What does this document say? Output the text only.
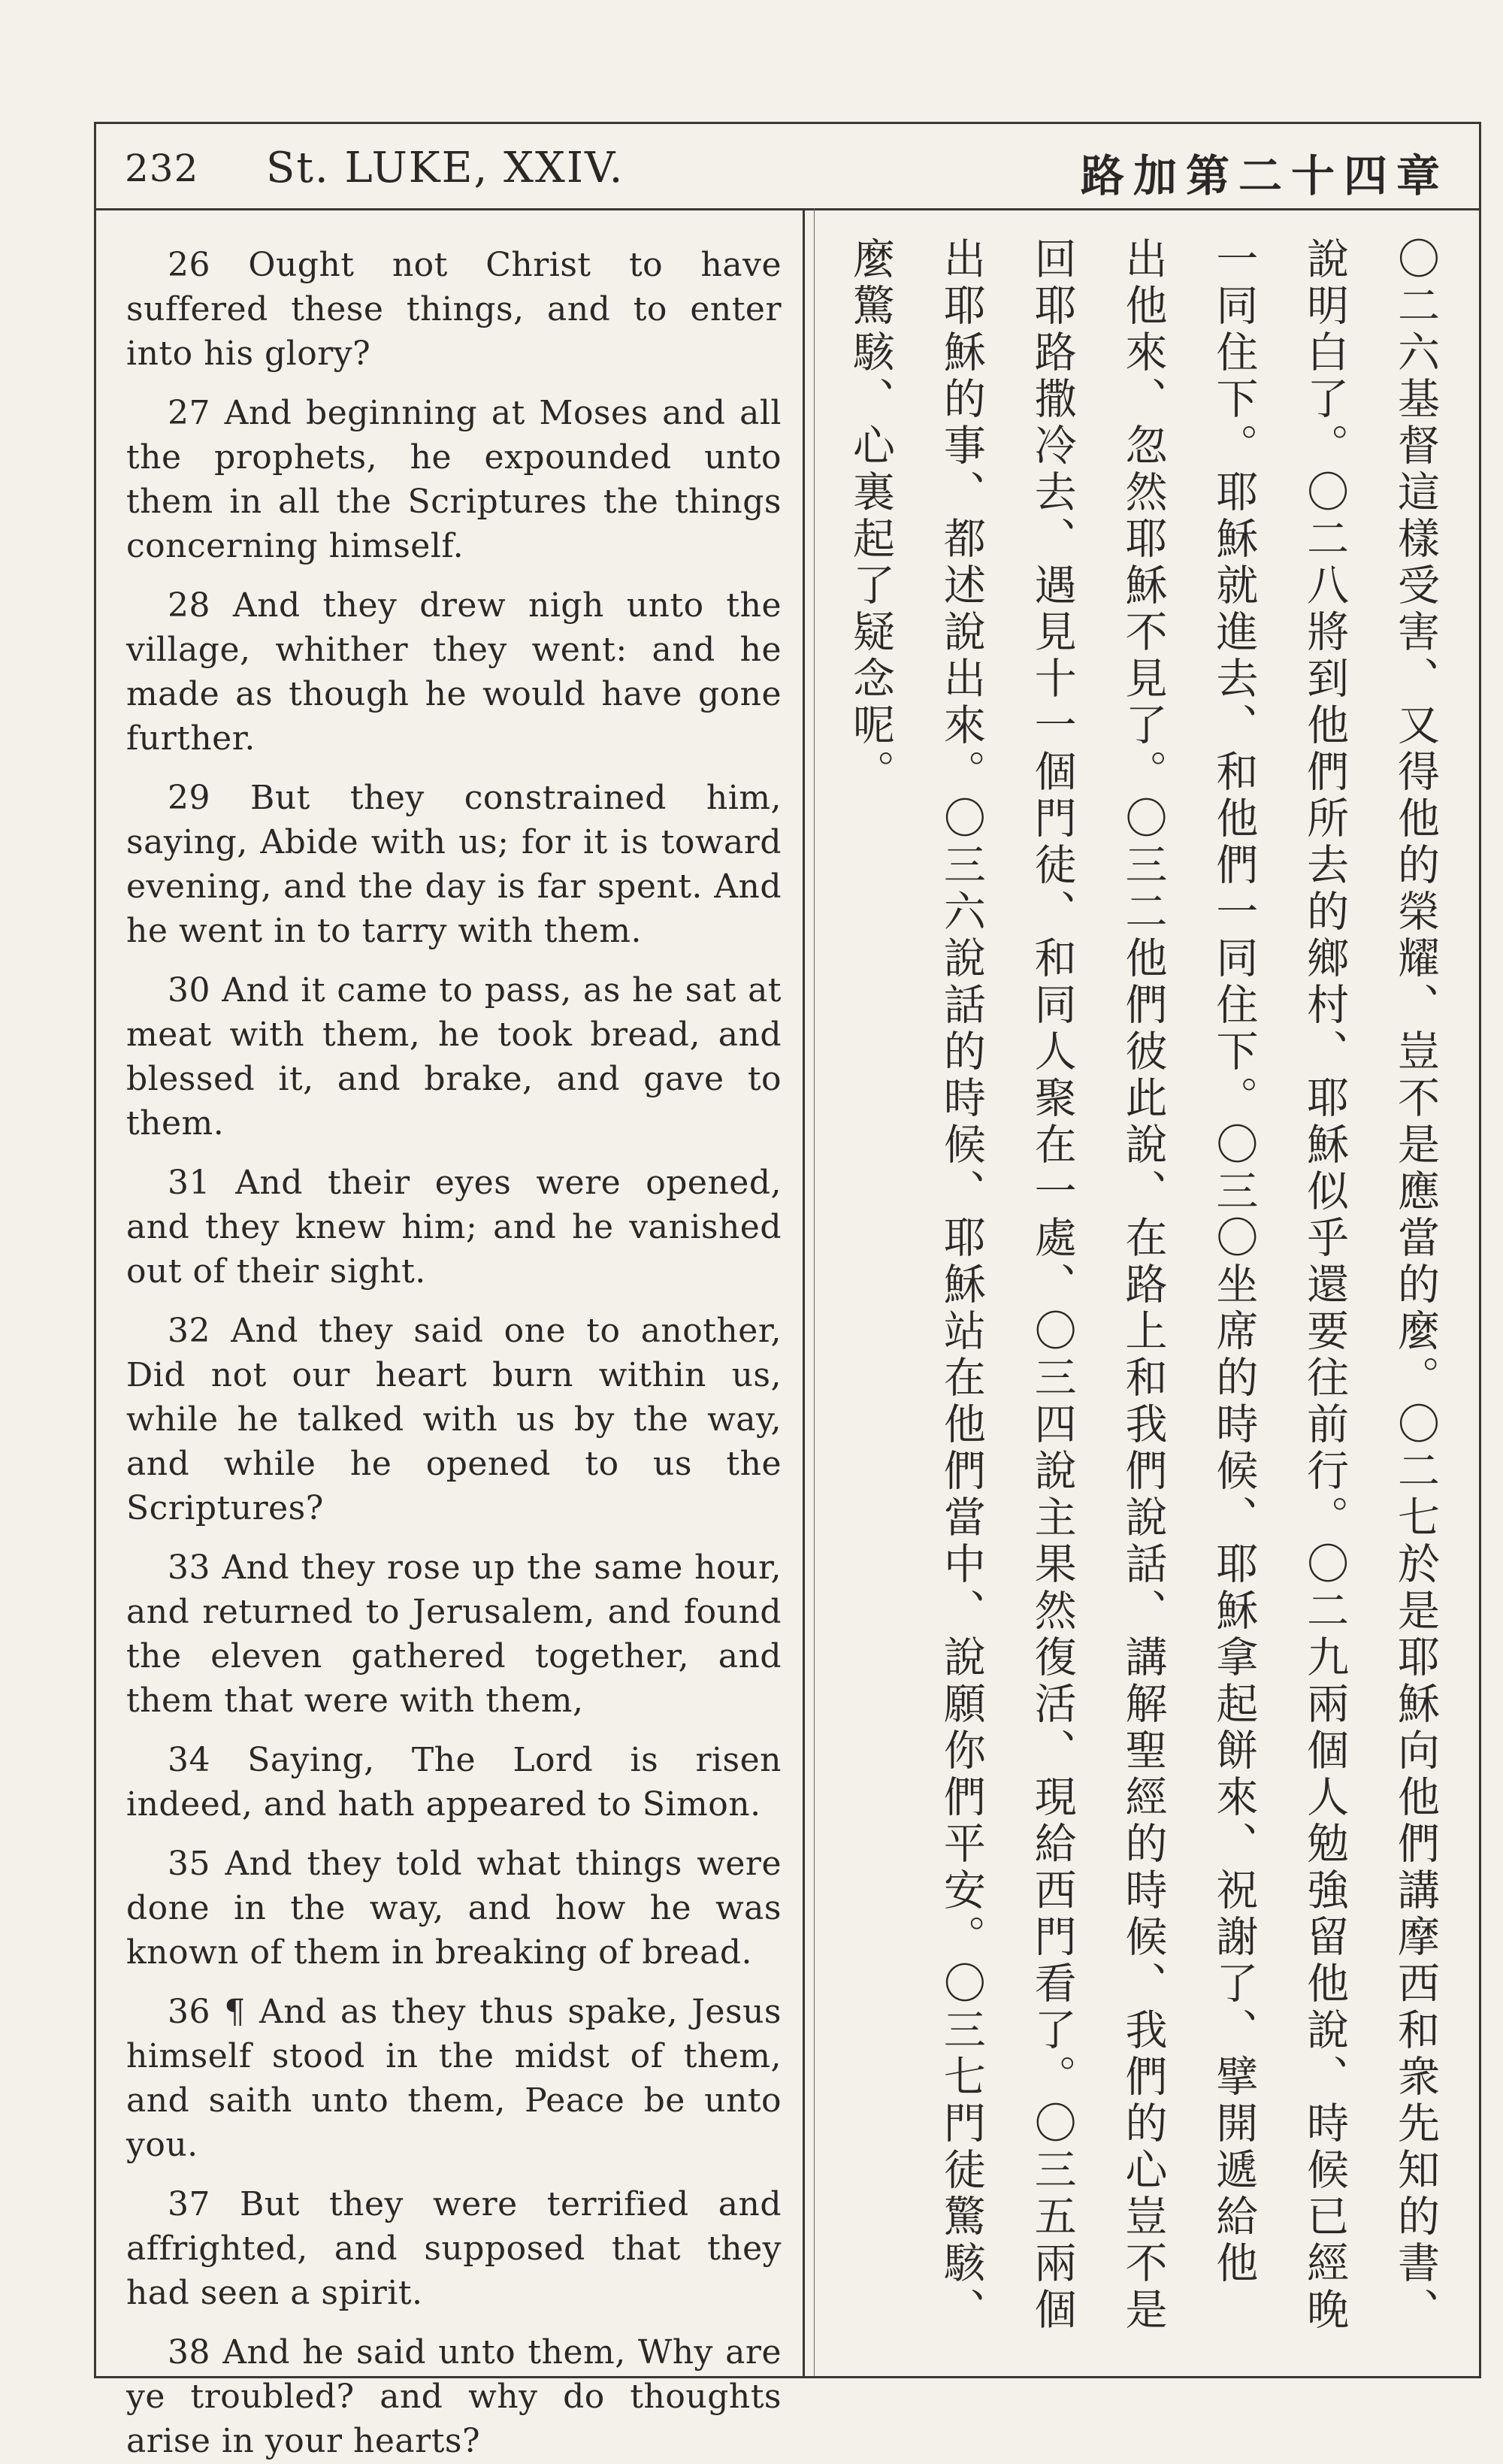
232 St. LUKE, XXIV.	路加第二十四章

26 Ought not Christ to have suffered these things, and to enter into his glory?

27 And beginning at Moses and all the prophets, he expounded unto them in all the Scriptures the things concerning himself.

28 And they drew nigh unto the village, whither they went: and he made as though he would have gone further.

29 But they constrained him, saying, Abide with us; for it is toward evening, and the day is far spent. And he went in to tarry with them.

30 And it came to pass, as he sat at meat with them, he took bread, and blessed it, and brake, and gave to them.

31 And their eyes were opened, and they knew him; and he vanished out of their sight.

32 And they said one to another, Did not our heart burn within us, while he talked with us by the way, and while he opened to us the Scriptures?

33 And they rose up the same hour, and returned to Jerusalem, and found the eleven gathered together, and them that were with them,

34 Saying, The Lord is risen indeed, and hath appeared to Simon.

35 And they told what things were done in the way, and how he was known of them in breaking of bread.

36 ¶ And as they thus spake, Jesus himself stood in the midst of them, and saith unto them, Peace be unto you.

37 But they were terrified and affrighted, and supposed that they had seen a spirit.

38 And he said unto them, Why are ye troubled? and why do thoughts arise in your hearts?

〇二六基督這樣受害、又得他的榮耀、豈不是應當的麼。〇二七於是耶穌向他們講摩西和衆先知的書、
說明白了。〇二八將到他們所去的鄉村、耶穌似乎還要往前行。〇二九兩個人勉強留他說、時候已經晚
一同住下。耶穌就進去、和他們一同住下。〇三〇坐席的時候、耶穌拿起餅來、祝謝了、擘開遞給他
出他來、忽然耶穌不見了。〇三二他們彼此說、在路上和我們說話、講解聖經的時候、我們的心豈不是
回耶路撒冷去、遇見十一個門徒、和同人聚在一處、〇三四說主果然復活、現給西門看了。〇三五兩個
出耶穌的事、都述說出來。〇三六說話的時候、耶穌站在他們當中、說願你們平安。〇三七門徒驚駭、
麼驚駭、心裏起了疑念呢。
